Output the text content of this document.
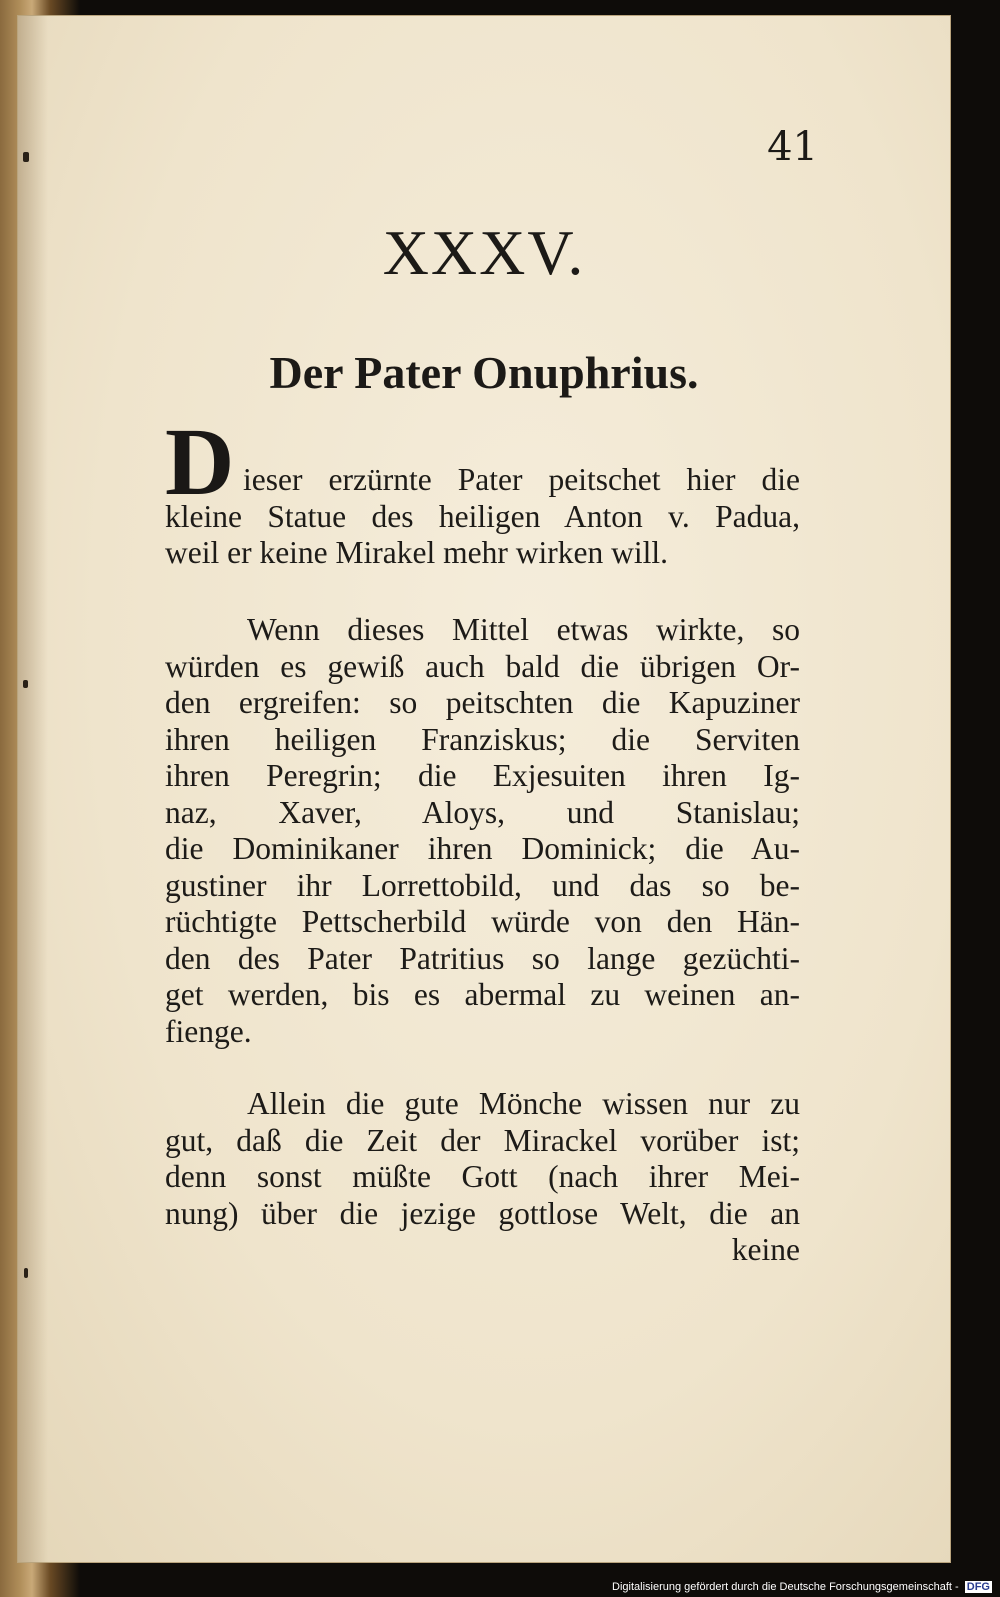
41
XXXV.
Der Pater Onuphrius.
D ieser erzürnte Pater peitschet hier die
kleine Statue des heiligen Anton v. Padua,
weil er keine Mirakel mehr wirken will.
Wenn dieses Mittel etwas wirkte, so
würden es gewiß auch bald die übrigen Or-
den ergreifen: so peitschten die Kapuziner
ihren heiligen Franziskus; die Serviten
ihren Peregrin; die Exjesuiten ihren Ig-
naz, Xaver, Aloys, und Stanislau;
die Dominikaner ihren Dominick; die Au-
gustiner ihr Lorrettobild, und das so be-
rüchtigte Pettscherbild würde von den Hän-
den des Pater Patritius so lange gezüchti-
get werden, bis es abermal zu weinen an-
fienge.
Allein die gute Mönche wissen nur zu
gut, daß die Zeit der Mirackel vorüber ist;
denn sonst müßte Gott (nach ihrer Mei-
nung) über die jezige gottlose Welt, die an
keine
Digitalisierung gefördert durch die Deutsche Forschungsgemeinschaft - DFG
